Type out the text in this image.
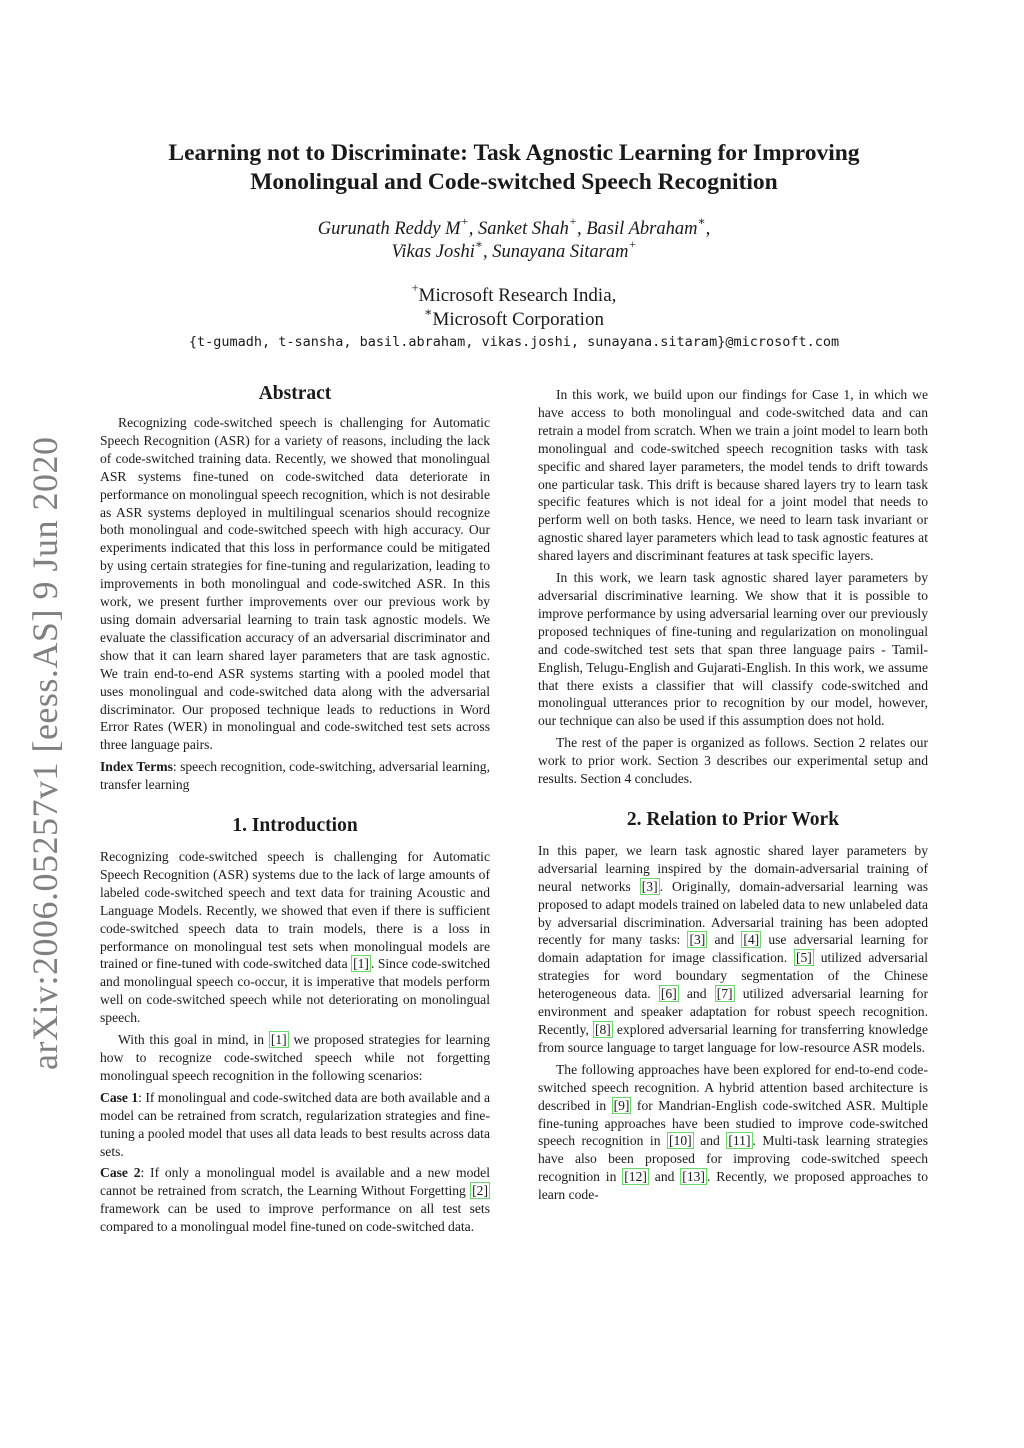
arXiv:2006.05257v1 [eess.AS] 9 Jun 2020
Learning not to Discriminate: Task Agnostic Learning for Improving
Monolingual and Code-switched Speech Recognition
Gurunath Reddy M+, Sanket Shah+, Basil Abraham∗,
Vikas Joshi∗, Sunayana Sitaram+
+Microsoft Research India,
∗Microsoft Corporation
{t-gumadh, t-sansha, basil.abraham, vikas.joshi, sunayana.sitaram}@microsoft.com
Abstract

Recognizing code-switched speech is challenging for Automatic Speech Recognition (ASR) for a variety of reasons, including the lack of code-switched training data. Recently, we showed that monolingual ASR systems fine-tuned on code-switched data deteriorate in performance on monolingual speech recognition, which is not desirable as ASR systems deployed in multilingual scenarios should recognize both monolingual and code-switched speech with high accuracy. Our experiments indicated that this loss in performance could be mitigated by using certain strategies for fine-tuning and regularization, leading to improvements in both monolingual and code-switched ASR. In this work, we present further improvements over our previous work by using domain adversarial learning to train task agnostic models. We evaluate the classification accuracy of an adversarial discriminator and show that it can learn shared layer parameters that are task agnostic. We train end-to-end ASR systems starting with a pooled model that uses monolingual and code-switched data along with the adversarial discriminator. Our proposed technique leads to reductions in Word Error Rates (WER) in monolingual and code-switched test sets across three language pairs.

Index Terms: speech recognition, code-switching, adversarial learning, transfer learning

1. Introduction

Recognizing code-switched speech is challenging for Automatic Speech Recognition (ASR) systems due to the lack of large amounts of labeled code-switched speech and text data for training Acoustic and Language Models. Recently, we showed that even if there is sufficient code-switched speech data to train models, there is a loss in performance on monolingual test sets when monolingual models are trained or fine-tuned with code-switched data [1] . Since code-switched and monolingual speech co-occur, it is imperative that models perform well on code-switched speech while not deteriorating on monolingual speech.

With this goal in mind, in [1] we proposed strategies for learning how to recognize code-switched speech while not forgetting monolingual speech recognition in the following scenarios:

Case 1: If monolingual and code-switched data are both available and a model can be retrained from scratch, regularization strategies and fine-tuning a pooled model that uses all data leads to best results across data sets.

Case 2: If only a monolingual model is available and a new model cannot be retrained from scratch, the Learning Without Forgetting [2] framework can be used to improve performance on all test sets compared to a monolingual model fine-tuned on code-switched data.

In this work, we build upon our findings for Case 1, in which we have access to both monolingual and code-switched data and can retrain a model from scratch. When we train a joint model to learn both monolingual and code-switched speech recognition tasks with task specific and shared layer parameters, the model tends to drift towards one particular task. This drift is because shared layers try to learn task specific features which is not ideal for a joint model that needs to perform well on both tasks. Hence, we need to learn task invariant or agnostic shared layer parameters which lead to task agnostic features at shared layers and discriminant features at task specific layers.

In this work, we learn task agnostic shared layer parameters by adversarial discriminative learning. We show that it is possible to improve performance by using adversarial learning over our previously proposed techniques of fine-tuning and regularization on monolingual and code-switched test sets that span three language pairs - Tamil-English, Telugu-English and Gujarati-English. In this work, we assume that there exists a classifier that will classify code-switched and monolingual utterances prior to recognition by our model, however, our technique can also be used if this assumption does not hold.

The rest of the paper is organized as follows. Section 2 relates our work to prior work. Section 3 describes our experimental setup and results. Section 4 concludes.

2. Relation to Prior Work

In this paper, we learn task agnostic shared layer parameters by adversarial learning inspired by the domain-adversarial training of neural networks [3] . Originally, domain-adversarial learning was proposed to adapt models trained on labeled data to new unlabeled data by adversarial discrimination. Adversarial training has been adopted recently for many tasks: [3] and [4] use adversarial learning for domain adaptation for image classification. [5] utilized adversarial strategies for word boundary segmentation of the Chinese heterogeneous data. [6] and [7] utilized adversarial learning for environment and speaker adaptation for robust speech recognition. Recently, [8] explored adversarial learning for transferring knowledge from source language to target language for low-resource ASR models.

The following approaches have been explored for end-to-end code-switched speech recognition. A hybrid attention based architecture is described in [9] for Mandrian-English code-switched ASR. Multiple fine-tuning approaches have been studied to improve code-switched speech recognition in [10] and [11] . Multi-task learning strategies have also been proposed for improving code-switched speech recognition in [12] and [13] . Recently, we proposed approaches to learn code-
